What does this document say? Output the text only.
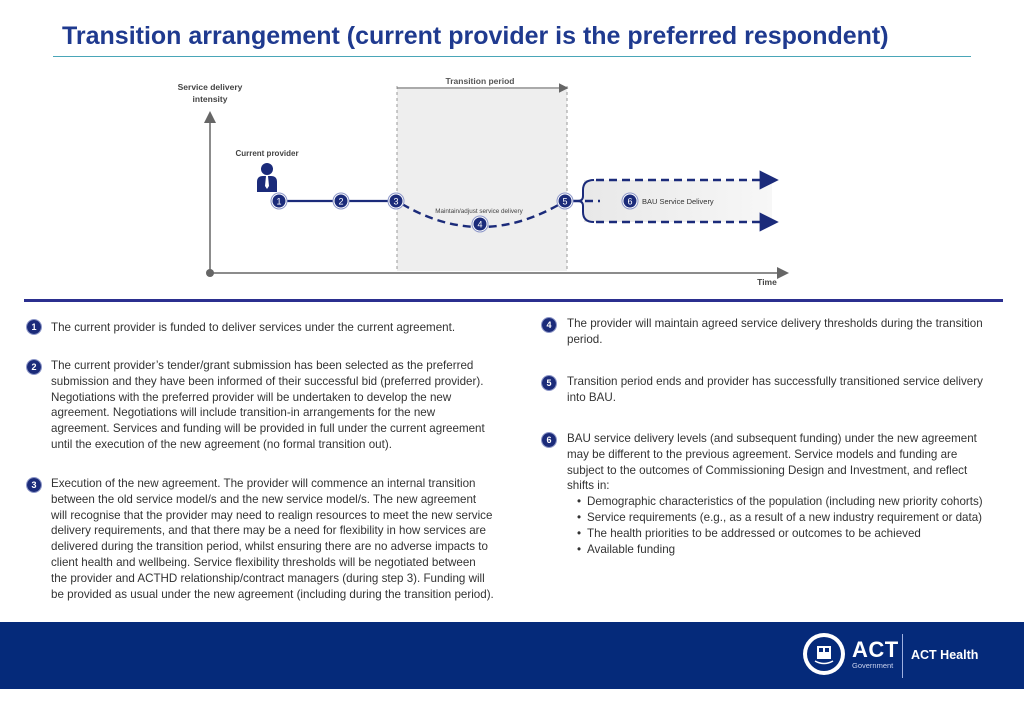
Transition arrangement (current provider is the preferred respondent)
Transition period
Service delivery
intensity
Time
Current provider
Maintain/adjust service delivery
BAU Service Delivery
1	2	3
4
5	6
1	The current provider is funded to deliver services under the current agreement.
2	The current provider’s tender/grant submission has been selected as the preferred
submission and they have been informed of their successful bid (preferred provider).
Negotiations with the preferred provider will be undertaken to develop the new
agreement. Negotiations will include transition-in arrangements for the new
agreement. Services and funding will be provided in full under the current agreement
until the execution of the new agreement (no formal transition out).
3	Execution of the new agreement. The provider will commence an internal transition
between the old service model/s and the new service model/s. The new agreement
will recognise that the provider may need to realign resources to meet the new service
delivery requirements, and that there may be a need for flexibility in how services are
delivered during the transition period, whilst ensuring there are no adverse impacts to
client health and wellbeing. Service flexibility thresholds will be negotiated between
the provider and ACTHD relationship/contract managers (during step 3). Funding will
be provided as usual under the new agreement (including during the transition period).
4	The provider will maintain agreed service delivery thresholds during the transition
period.
5	Transition period ends and provider has successfully transitioned service delivery
into BAU.
6	BAU service delivery levels (and subsequent funding) under the new agreement
may be different to the previous agreement. Service models and funding are
subject to the outcomes of Commissioning Design and Investment, and reflect
shifts in:
• Demographic characteristics of the population (including new priority cohorts)
• Service requirements (e.g., as a result of a new industry requirement or data)
• The health priorities to be addressed or outcomes to be achieved
• Available funding
ACT
Government
ACT Health
